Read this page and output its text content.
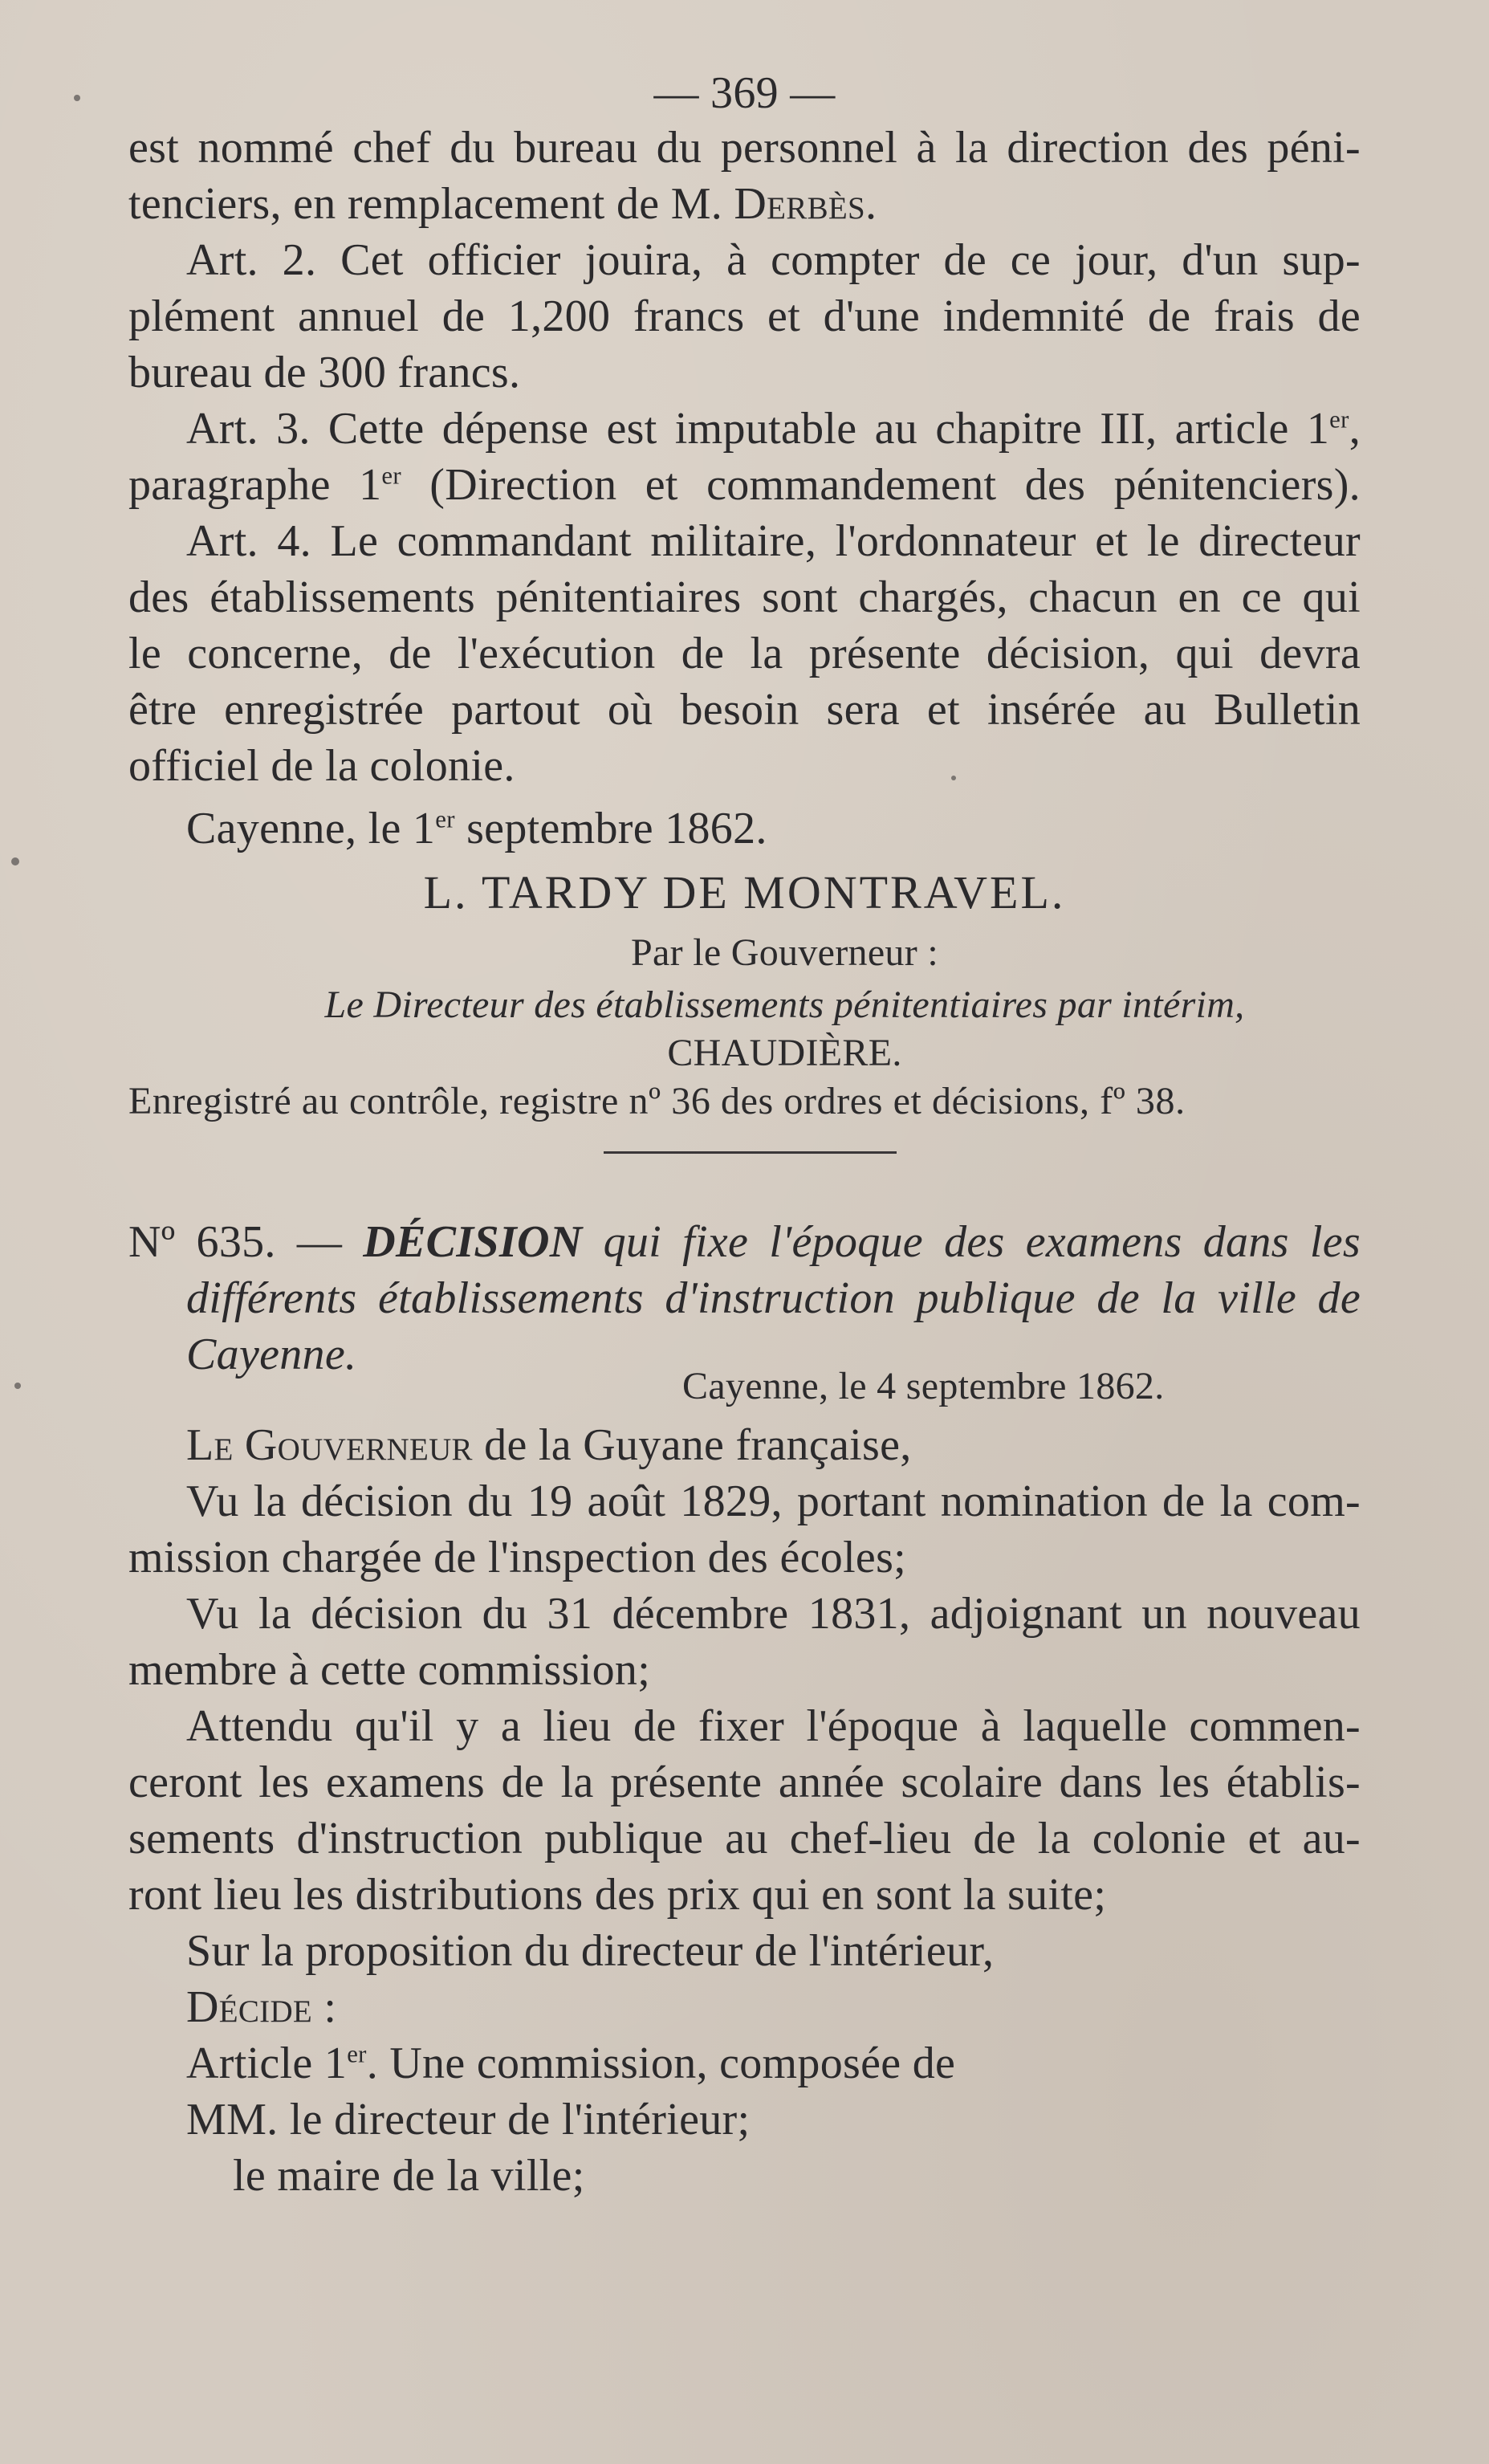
— 369 —
est nommé chef du bureau du personnel à la direction des péni-
tenciers, en remplacement de M. Derbès.
Art. 2. Cet officier jouira, à compter de ce jour, d'un sup-
plément annuel de 1,200 francs et d'une indemnité de frais de
bureau de 300 francs.
Art. 3. Cette dépense est imputable au chapitre III, article 1er,
paragraphe 1er (Direction et commandement des pénitenciers).
Art. 4. Le commandant militaire, l'ordonnateur et le directeur
des établissements pénitentiaires sont chargés, chacun en ce qui
le concerne, de l'exécution de la présente décision, qui devra
être enregistrée partout où besoin sera et insérée au Bulletin
officiel de la colonie.
Cayenne, le 1er septembre 1862.
L. TARDY DE MONTRAVEL.
Par le Gouverneur :
Le Directeur des établissements pénitentiaires par intérim,
CHAUDIÈRE.
Enregistré au contrôle, registre nº 36 des ordres et décisions, fº 38.
Nº 635. — DÉCISION qui fixe l'époque des examens dans les
différents établissements d'instruction publique de la ville de
Cayenne.
Cayenne, le 4 septembre 1862.
Le Gouverneur de la Guyane française,
Vu la décision du 19 août 1829, portant nomination de la com-
mission chargée de l'inspection des écoles;
Vu la décision du 31 décembre 1831, adjoignant un nouveau
membre à cette commission;
Attendu qu'il y a lieu de fixer l'époque à laquelle commen-
ceront les examens de la présente année scolaire dans les établis-
sements d'instruction publique au chef-lieu de la colonie et au-
ront lieu les distributions des prix qui en sont la suite;
Sur la proposition du directeur de l'intérieur,
Décide :
Article 1er. Une commission, composée de
MM. le directeur de l'intérieur;
le maire de la ville;
